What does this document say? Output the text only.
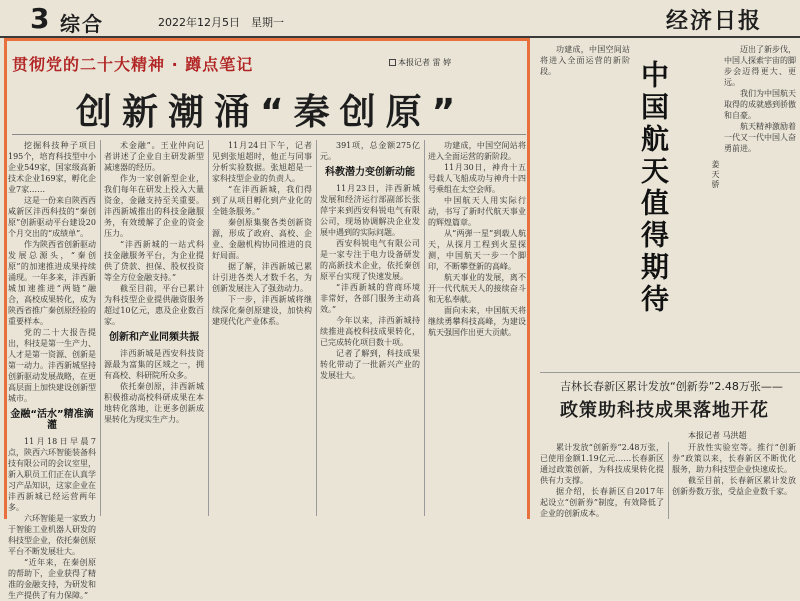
3 综合	2022年12月5日　星期一	经济日报
贯彻党的二十大精神 · 蹲点笔记	本报记者 雷 婷
创新潮涌“秦创原”

挖掘科技种子项目195个，培育科技型中小企业549家，国家级高新技术企业169家，孵化企业7家……

这是一份来自陕西西咸新区沣西科技的“秦创原”创新驱动平台建设20个月交出的“成绩单”。

作为陕西省创新驱动发展总源头，“秦创原”的加速推进成果持续涌现。一年多来，沣西新城加速推进“两链”融合，高校成果转化，成为陕西省推广秦创原经验的重要样本。

党的二十大报告提出，科技是第一生产力、人才是第一资源、创新是第一动力。沣西新城坚持创新驱动发展战略，在更高层面上加快建设创新型城市。

金融“活水”精准滴灌

11月18日早晨7点，陕西六环智能装备科技有限公司的会议室里，新入职员工们正在认真学习产品知识，这家企业在沣西新城已经运营两年多。

六环智能是一家致力于智能工业机器人研发的科技型企业，依托秦创原平台不断发展壮大。

“近年来，在秦创原的帮助下，企业获得了精准的金融支持，为研发和生产提供了有力保障。”

术金融”。王业仲向记者讲述了企业自主研发新型减速器的经历。

作为一家创新型企业，我们每年在研发上投入大量资金，金融支持至关重要。沣西新城推出的科技金融服务，有效缓解了企业的资金压力。

“沣西新城的一站式科技金融服务平台，为企业提供了贷款、担保、股权投资等全方位金融支持。”

截至目前，平台已累计为科技型企业提供融资服务超过10亿元，惠及企业数百家。

创新和产业同频共振

沣西新城是西安科技资源最为富集的区域之一，拥有高校、科研院所众多。

依托秦创原，沣西新城积极推动高校科研成果在本地转化落地，让更多创新成果转化为现实生产力。

11月24日下午，记者见到张旭超时，他正与同事分析实验数据。张旭超是一家科技型企业的负责人。

“在沣西新城，我们得到了从项目孵化到产业化的全链条服务。”

秦创原集聚各类创新资源，形成了政府、高校、企业、金融机构协同推进的良好局面。

据了解，沣西新城已累计引进各类人才数千名，为创新发展注入了强劲动力。

下一步，沣西新城将继续深化秦创原建设，加快构建现代化产业体系。

391项，总金额275亿元。

科教潜力变创新动能

11月23日，沣西新城发展和经济运行部副部长张萍宇来到西安科锐电气有限公司，现场协调解决企业发展中遇到的实际问题。

西安科锐电气有限公司是一家专注于电力设备研发的高新技术企业，依托秦创原平台实现了快速发展。

“沣西新城的营商环境非常好，各部门服务主动高效。”

今年以来，沣西新城持续推进高校科技成果转化，已完成转化项目数十项。

记者了解到，科技成果转化带动了一批新兴产业的发展壮大。

功建成，中国空间站将进入全面运营的新阶段。

11月30日，神舟十五号载人飞船成功与神舟十四号乘组在太空会师。

中国航天人用实际行动，书写了新时代航天事业的辉煌篇章。

从“两弹一星”到载人航天，从探月工程到火星探测，中国航天一步一个脚印，不断攀登新的高峰。

航天事业的发展，离不开一代代航天人的接续奋斗和无私奉献。

面向未来，中国航天将继续勇攀科技高峰，为建设航天强国作出更大贡献。

功建成，中国空间站将进入全面运营的新阶段。	中国航天值得期待	姜天骄

迈出了新步伐，中国人探索宇宙的脚步会迈得更大、更远。

我们为中国航天取得的成就感到骄傲和自豪。

航天精神激励着一代又一代中国人奋勇前进。

吉林长春新区累计发放“创新券”2.48万张——
政策助科技成果落地开花
本报记者 马洪超

累计发放“创新券”2.48万张，已使用金额1.19亿元……长春新区通过政策创新，为科技成果转化提供有力支撑。

据介绍，长春新区自2017年起设立“创新券”制度，有效降低了企业的创新成本。

开放性实验室等。推行“创新券”政策以来，长春新区不断优化服务，助力科技型企业快速成长。

截至目前，长春新区累计发放创新券数万张，受益企业数千家。
